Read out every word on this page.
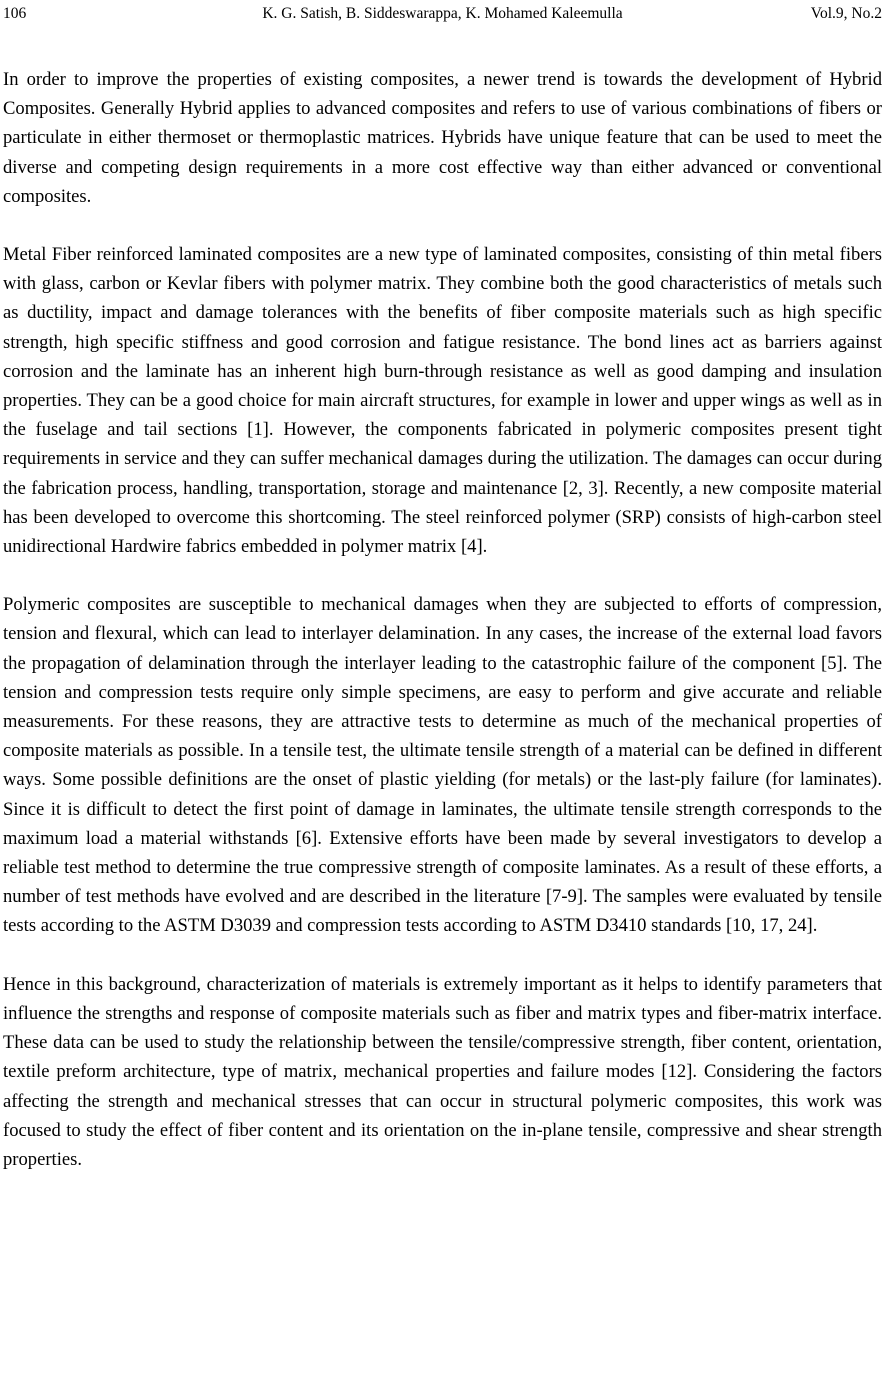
106	K. G. Satish, B. Siddeswarappa, K. Mohamed Kaleemulla	Vol.9, No.2

In order to improve the properties of existing composites, a newer trend is towards the development of Hybrid Composites. Generally Hybrid applies to advanced composites and refers to use of various combinations of fibers or particulate in either thermoset or thermoplastic matrices. Hybrids have unique feature that can be used to meet the diverse and competing design requirements in a more cost effective way than either advanced or conventional composites.

Metal Fiber reinforced laminated composites are a new type of laminated composites, consisting of thin metal fibers with glass, carbon or Kevlar fibers with polymer matrix. They combine both the good characteristics of metals such as ductility, impact and damage tolerances with the benefits of fiber composite materials such as high specific strength, high specific stiffness and good corrosion and fatigue resistance. The bond lines act as barriers against corrosion and the laminate has an inherent high burn-through resistance as well as good damping and insulation properties. They can be a good choice for main aircraft structures, for example in lower and upper wings as well as in the fuselage and tail sections [1]. However, the components fabricated in polymeric composites present tight requirements in service and they can suffer mechanical damages during the utilization. The damages can occur during the fabrication process, handling, transportation, storage and maintenance [2, 3]. Recently, a new composite material has been developed to overcome this shortcoming. The steel reinforced polymer (SRP) consists of high-carbon steel unidirectional Hardwire fabrics embedded in polymer matrix [4].

Polymeric composites are susceptible to mechanical damages when they are subjected to efforts of compression, tension and flexural, which can lead to interlayer delamination. In any cases, the increase of the external load favors the propagation of delamination through the interlayer leading to the catastrophic failure of the component [5]. The tension and compression tests require only simple specimens, are easy to perform and give accurate and reliable measurements. For these reasons, they are attractive tests to determine as much of the mechanical properties of composite materials as possible. In a tensile test, the ultimate tensile strength of a material can be defined in different ways. Some possible definitions are the onset of plastic yielding (for metals) or the last-ply failure (for laminates). Since it is difficult to detect the first point of damage in laminates, the ultimate tensile strength corresponds to the maximum load a material withstands [6]. Extensive efforts have been made by several investigators to develop a reliable test method to determine the true compressive strength of composite laminates. As a result of these efforts, a number of test methods have evolved and are described in the literature [7-9]. The samples were evaluated by tensile tests according to the ASTM D3039 and compression tests according to ASTM D3410 standards [10, 17, 24].

Hence in this background, characterization of materials is extremely important as it helps to identify parameters that influence the strengths and response of composite materials such as fiber and matrix types and fiber-matrix interface. These data can be used to study the relationship between the tensile/compressive strength, fiber content, orientation, textile preform architecture, type of matrix, mechanical properties and failure modes [12]. Considering the factors affecting the strength and mechanical stresses that can occur in structural polymeric composites, this work was focused to study the effect of fiber content and its orientation on the in-plane tensile, compressive and shear strength properties.
